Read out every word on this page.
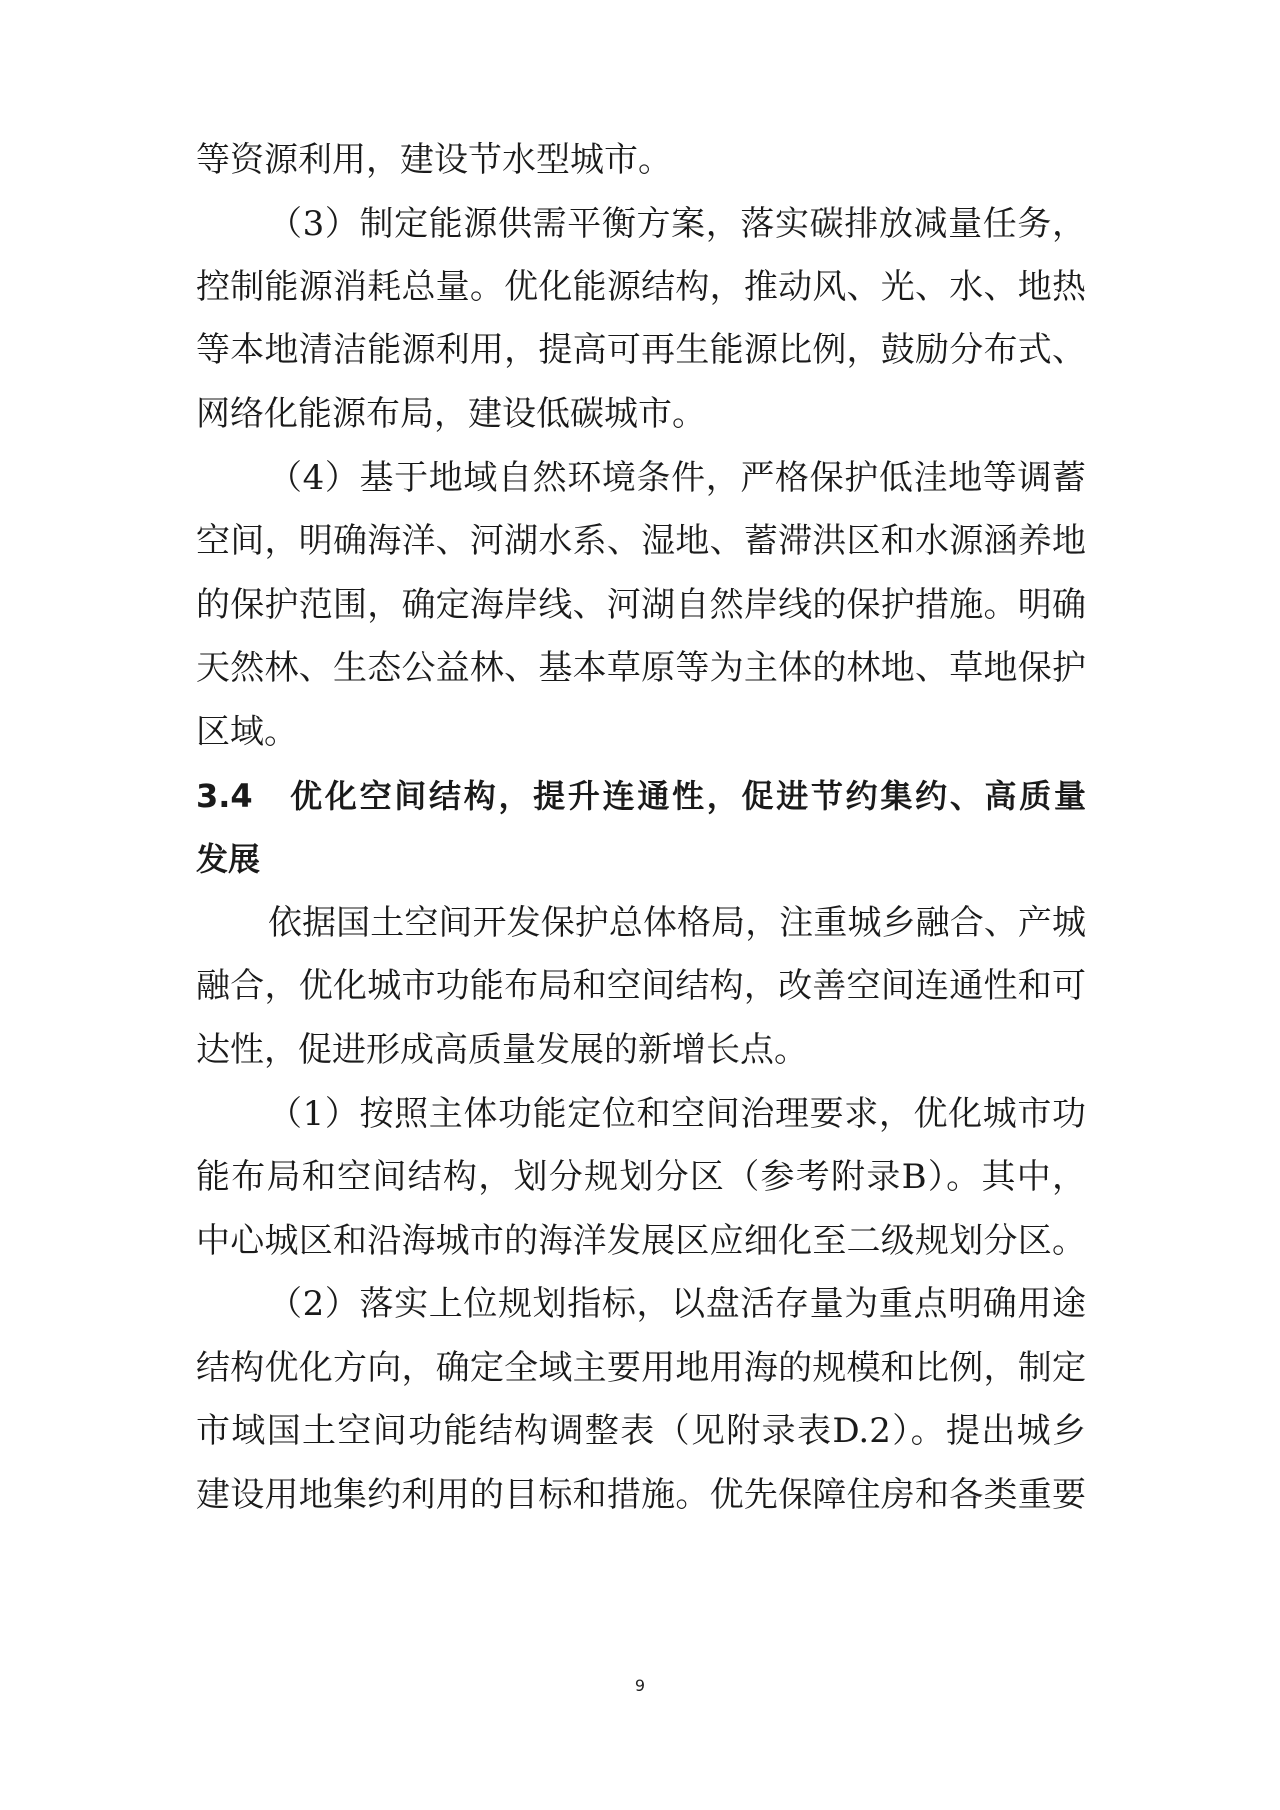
等资源利用，建设节水型城市。
（3）制定能源供需平衡方案，落实碳排放减量任务，
控制能源消耗总量。优化能源结构，推动风、光、水、地热
等本地清洁能源利用，提高可再生能源比例，鼓励分布式、
网络化能源布局，建设低碳城市。
（4）基于地域自然环境条件，严格保护低洼地等调蓄
空间，明确海洋、河湖水系、湿地、蓄滞洪区和水源涵养地
的保护范围，确定海岸线、河湖自然岸线的保护措施。明确
天然林、生态公益林、基本草原等为主体的林地、草地保护
区域。
3.4　优化空间结构，提升连通性，促进节约集约、高质量
发展
依据国土空间开发保护总体格局，注重城乡融合、产城
融合，优化城市功能布局和空间结构，改善空间连通性和可
达性，促进形成高质量发展的新增长点。
（1）按照主体功能定位和空间治理要求，优化城市功
能布局和空间结构，划分规划分区（参考附录B）。其中，
中心城区和沿海城市的海洋发展区应细化至二级规划分区。
（2）落实上位规划指标，以盘活存量为重点明确用途
结构优化方向，确定全域主要用地用海的规模和比例，制定
市域国土空间功能结构调整表（见附录表D.2）。提出城乡
建设用地集约利用的目标和措施。优先保障住房和各类重要
9
